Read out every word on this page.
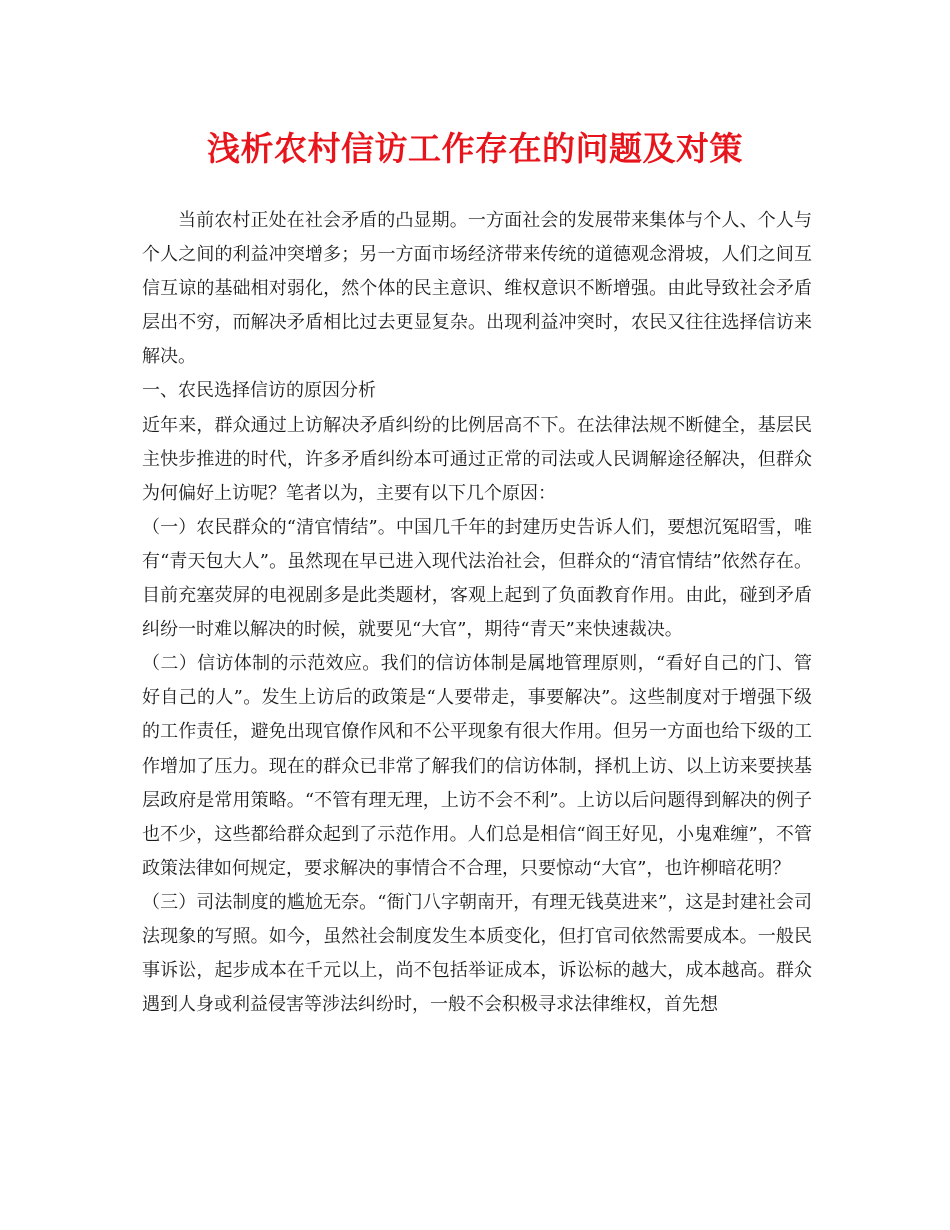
浅析农村信访工作存在的问题及对策

当前农村正处在社会矛盾的凸显期。一方面社会的发展带来集体与个人、个人与个人之间的利益冲突增多；另一方面市场经济带来传统的道德观念滑坡，人们之间互信互谅的基础相对弱化，然个体的民主意识、维权意识不断增强。由此导致社会矛盾层出不穷，而解决矛盾相比过去更显复杂。出现利益冲突时，农民又往往选择信访来解决。

一、农民选择信访的原因分析

近年来，群众通过上访解决矛盾纠纷的比例居高不下。在法律法规不断健全，基层民主快步推进的时代，许多矛盾纠纷本可通过正常的司法或人民调解途径解决，但群众为何偏好上访呢？笔者以为，主要有以下几个原因：

（一）农民群众的“清官情结”。中国几千年的封建历史告诉人们，要想沉冤昭雪，唯有“青天包大人”。虽然现在早已进入现代法治社会，但群众的“清官情结”依然存在。目前充塞荧屏的电视剧多是此类题材，客观上起到了负面教育作用。由此，碰到矛盾纠纷一时难以解决的时候，就要见“大官”，期待“青天”来快速裁决。

（二）信访体制的示范效应。我们的信访体制是属地管理原则，“看好自己的门、管好自己的人”。发生上访后的政策是“人要带走，事要解决”。这些制度对于增强下级的工作责任，避免出现官僚作风和不公平现象有很大作用。但另一方面也给下级的工作增加了压力。现在的群众已非常了解我们的信访体制，择机上访、以上访来要挟基层政府是常用策略。“不管有理无理，上访不会不利”。上访以后问题得到解决的例子也不少，这些都给群众起到了示范作用。人们总是相信“阎王好见，小鬼难缠”，不管政策法律如何规定，要求解决的事情合不合理，只要惊动“大官”，也许柳暗花明？

（三）司法制度的尴尬无奈。“衙门八字朝南开，有理无钱莫进来”，这是封建社会司法现象的写照。如今，虽然社会制度发生本质变化，但打官司依然需要成本。一般民事诉讼，起步成本在千元以上，尚不包括举证成本，诉讼标的越大，成本越高。群众遇到人身或利益侵害等涉法纠纷时，一般不会积极寻求法律维权，首先想
